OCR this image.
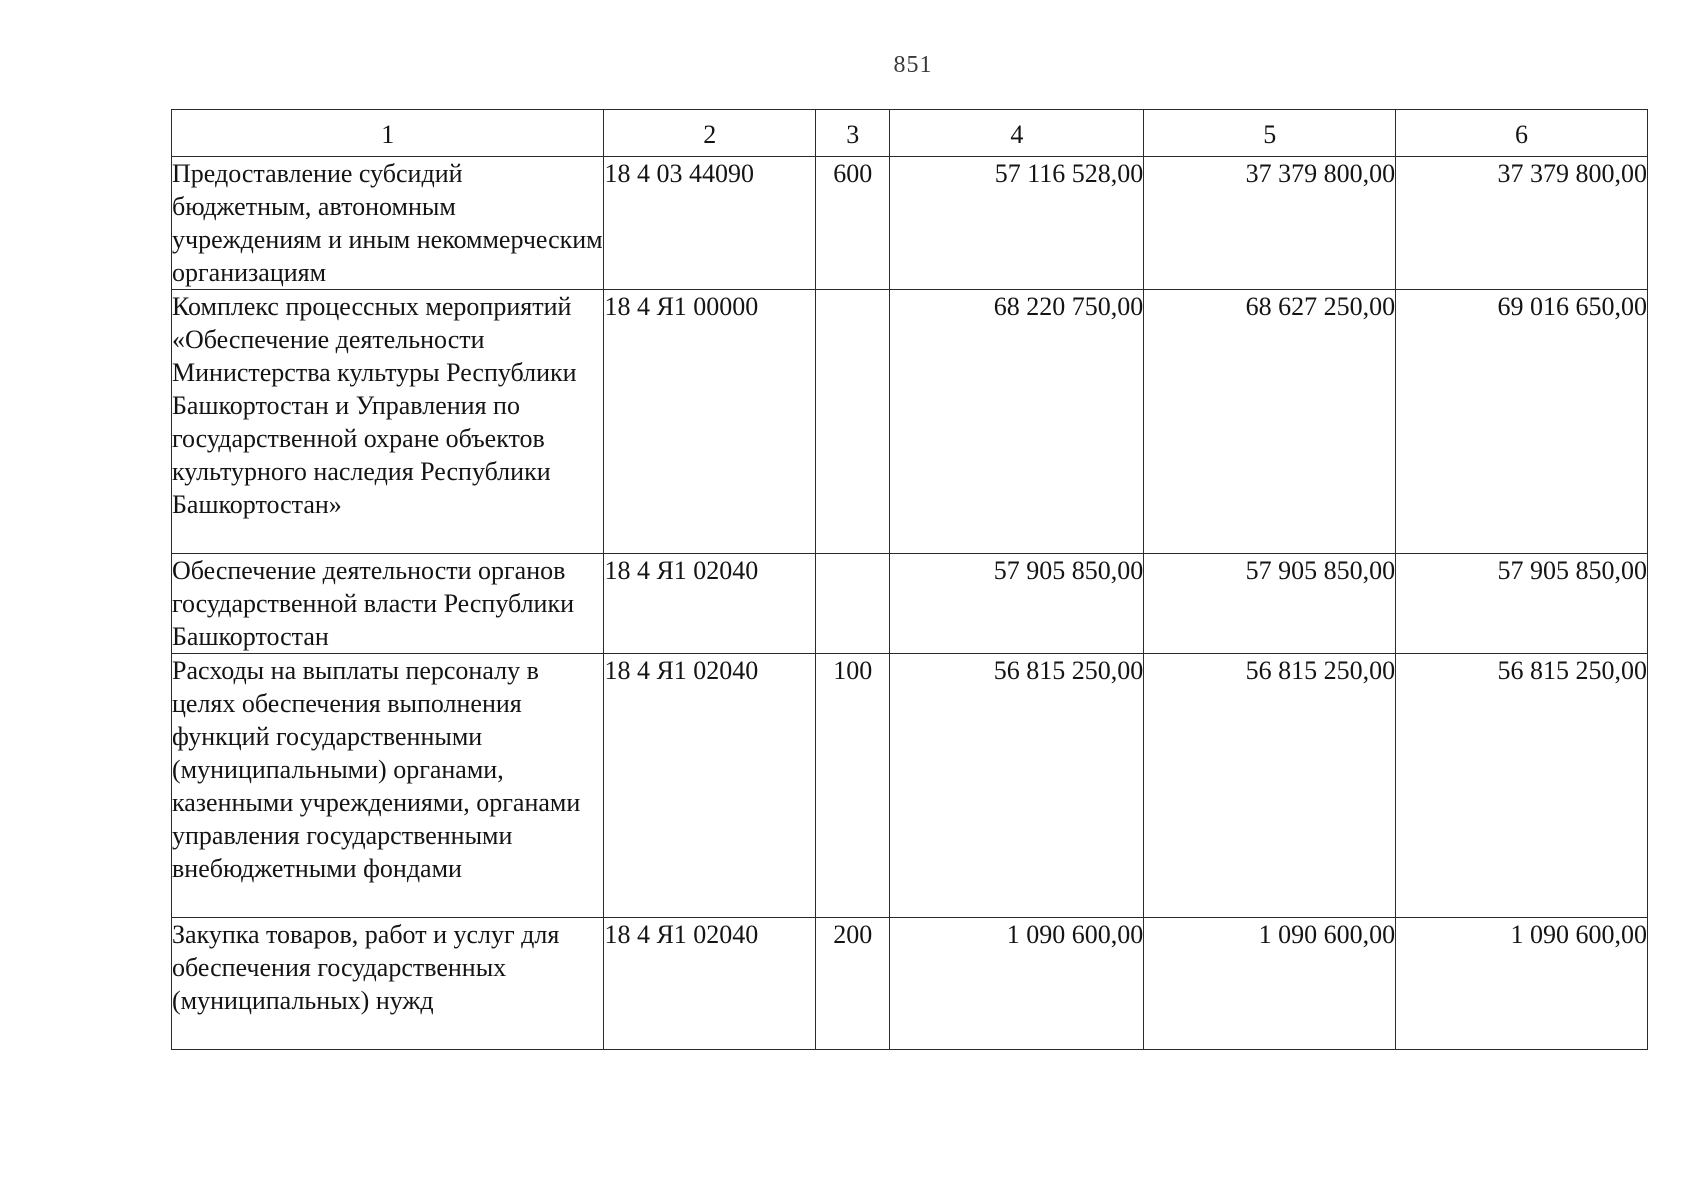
851
1	2	3	4	5	6
Предоставление субсидий бюджетным, автономным учреждениям и иным некоммерческим организациям	18 4 03 44090	600	57 116 528,00	37 379 800,00	37 379 800,00
Комплекс процессных мероприятий «Обеспечение деятельности Министерства культуры Республики Башкортостан и Управления по государственной охране объектов культурного наследия Республики Башкортостан»	18 4 Я1 00000		68 220 750,00	68 627 250,00	69 016 650,00
Обеспечение деятельности органов государственной власти Республики Башкортостан	18 4 Я1 02040		57 905 850,00	57 905 850,00	57 905 850,00
Расходы на выплаты персоналу в целях обеспечения выполнения функций государственными (муниципальными) органами, казенными учреждениями, органами управления государственными внебюджетными фондами	18 4 Я1 02040	100	56 815 250,00	56 815 250,00	56 815 250,00
Закупка товаров, работ и услуг для обеспечения государственных (муниципальных) нужд	18 4 Я1 02040	200	1 090 600,00	1 090 600,00	1 090 600,00
